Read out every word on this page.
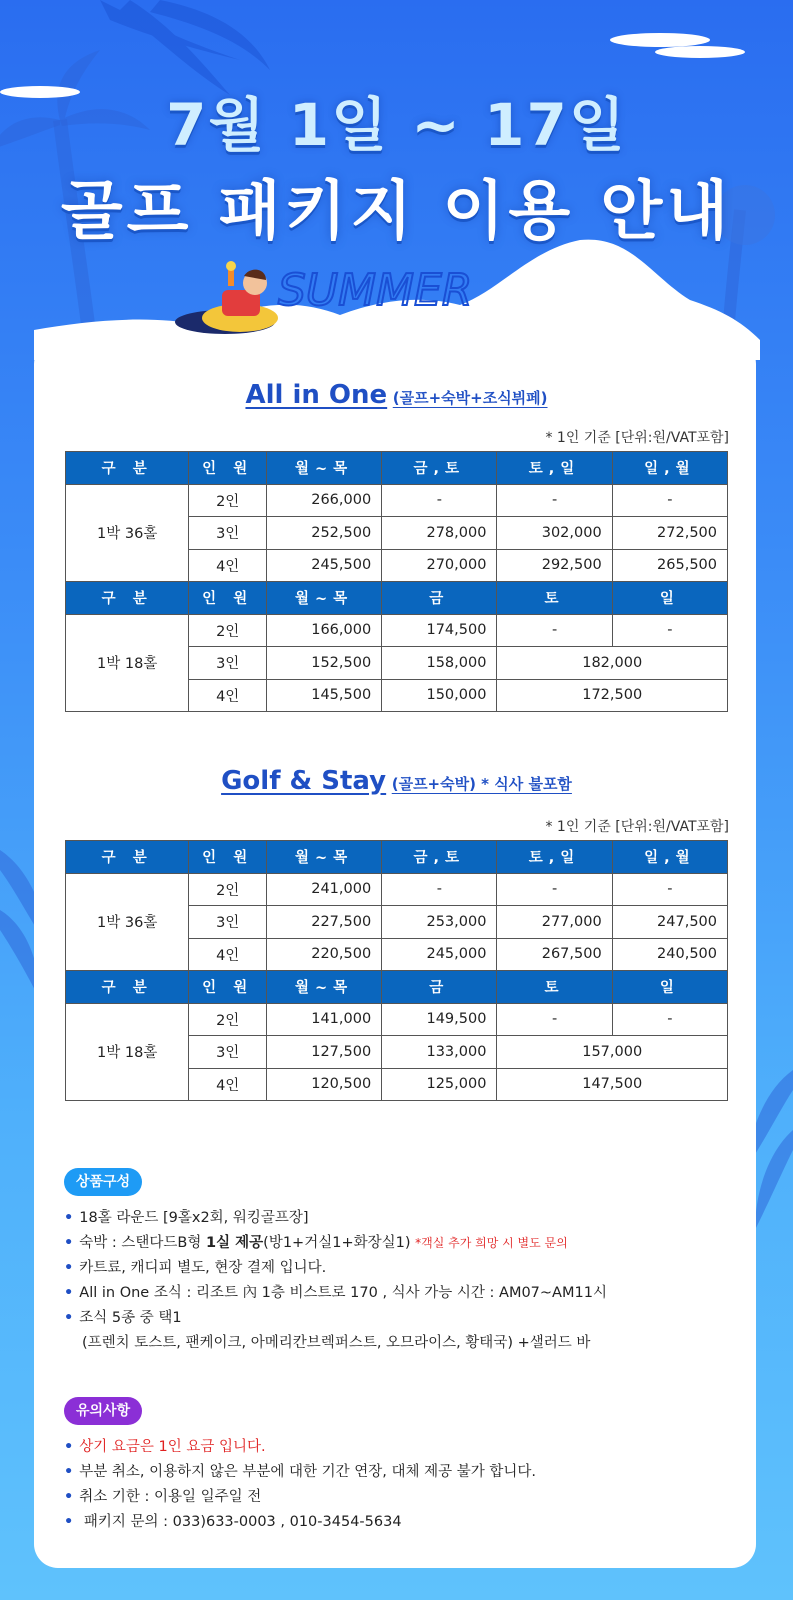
SUMMER
7월 1일 ~ 17일
골프 패키지 이용 안내
All in One (골프+숙박+조식뷔페)
* 1인 기준 [단위:원/VAT포함]
구 분	인 원	월~목	금,토	토,일	일,월
1박 36홀	2인	266,000	-	-	-
	3인	252,500	278,000	302,000	272,500
	4인	245,500	270,000	292,500	265,500
구 분	인 원	월~목	금	토	일
1박 18홀	2인	166,000	174,500	-	-
	3인	152,500	158,000	182,000	
	4인	145,500	150,000	172,500	
Golf & Stay (골프+숙박) * 식사 불포함
* 1인 기준 [단위:원/VAT포함]
구 분	인 원	월~목	금,토	토,일	일,월
1박 36홀	2인	241,000	-	-	-
	3인	227,500	253,000	277,000	247,500
	4인	220,500	245,000	267,500	240,500
구 분	인 원	월~목	금	토	일
1박 18홀	2인	141,000	149,500	-	-
	3인	127,500	133,000	157,000	
	4인	120,500	125,000	147,500	
상품구성
• 18홀 라운드 [9홀x2회, 워킹골프장]
• 숙박 : 스탠다드B형 1실 제공(방1+거실1+화장실1) *객실 추가 희망 시 별도 문의
• 카트료, 캐디피 별도, 현장 결제 입니다.
• All in One 조식 : 리조트 內 1층 비스트로 170 , 식사 가능 시간 : AM07~AM11시
• 조식 5종 중 택1
(프렌치 토스트, 팬케이크, 아메리칸브렉퍼스트, 오므라이스, 황태국) +샐러드 바
유의사항
• 상기 요금은 1인 요금 입니다.
• 부분 취소, 이용하지 않은 부분에 대한 기간 연장, 대체 제공 불가 합니다.
• 취소 기한 : 이용일 일주일 전
• 패키지 문의 : 033)633-0003 , 010-3454-5634
